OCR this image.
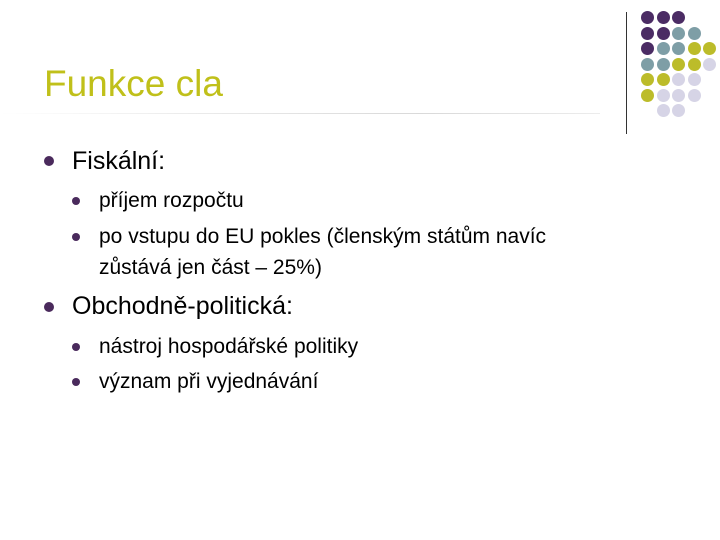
Funkce cla
Fiskální:
příjem rozpočtu
po vstupu do EU pokles (členským státům navíc
zůstává jen část – 25%)
Obchodně-politická:
nástroj hospodářské politiky
význam při vyjednávání
